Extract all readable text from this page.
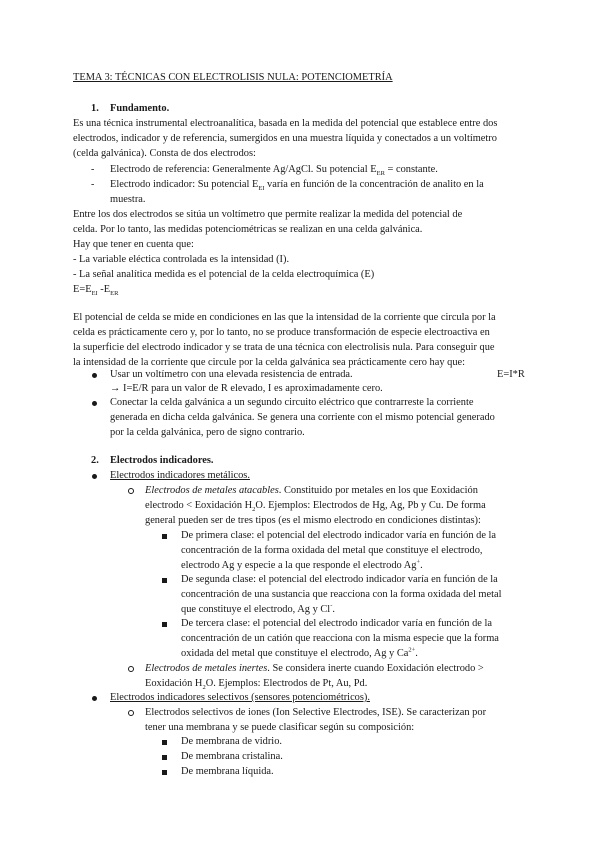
TEMA 3: TÉCNICAS CON ELECTROLISIS NULA: POTENCIOMETRÍA
1. Fundamento.
Es una técnica instrumental electroanalítica, basada en la medida del potencial que establece entre dos
electrodos, indicador y de referencia, sumergidos en una muestra líquida y conectados a un voltímetro
(celda galvánica). Consta de dos electrodos:
- Electrodo de referencia: Generalmente Ag/AgCl. Su potencial $E_{ER}$ = constante.
- Electrodo indicador: Su potencial $E_{EI}$ varía en función de la concentración de analito en la
muestra.
Entre los dos electrodos se sitúa un voltímetro que permite realizar la medida del potencial de
celda. Por lo tanto, las medidas potenciométricas se realizan en una celda galvánica.
Hay que tener en cuenta que:
- La variable eléctica controlada es la intensidad (I).
- La señal analítica medida es el potencial de la celda electroquímica (E)
$E=E_{EI}$ $-E_{ER}$
El potencial de celda se mide en condiciones en las que la intensidad de la corriente que circula por la
celda es prácticamente cero y, por lo tanto, no se produce transformación de especie electroactiva en
la superficie del electrodo indicador y se trata de una técnica con electrolisis nula. Para conseguir que
la intensidad de la corriente que circule por la celda galvánica sea prácticamente cero hay que:
Usar un voltímetro con una elevada resistencia de entrada.	E=I*R
→ I=E/R para un valor de R elevado, I es aproximadamente cero.
Conectar la celda galvánica a un segundo circuito eléctrico que contrarreste la corriente
generada en dicha celda galvánica. Se genera una corriente con el mismo potencial generado
por la celda galvánica, pero de signo contrario.
2. Electrodos indicadores.
Electrodos indicadores metálicos.
Electrodos de metales atacables. Constituido por metales en los que Eoxidación
electrodo < Eoxidación $H_2O$. Ejemplos: Electrodos de Hg, Ag, Pb y Cu. De forma
general pueden ser de tres tipos (es el mismo electrodo en condiciones distintas):
De primera clase: el potencial del electrodo indicador varía en función de la
concentración de la forma oxidada del metal que constituye el electrodo,
electrodo Ag y especie a la que responde el electrodo Ag+.
De segunda clase: el potencial del electrodo indicador varía en función de la
concentración de una sustancia que reacciona con la forma oxidada del metal
que constituye el electrodo, Ag y Cl-.
De tercera clase: el potencial del electrodo indicador varía en función de la
concentración de un catión que reacciona con la misma especie que la forma
oxidada del metal que constituye el electrodo, Ag y $Ca^{2+}$.
Electrodos de metales inertes. Se considera inerte cuando Eoxidación electrodo >
Eoxidación $H_2O$. Ejemplos: Electrodos de Pt, Au, Pd.
Electrodos indicadores selectivos (sensores potenciométricos).
Electrodos selectivos de iones (Ion Selective Electrodes, ISE). Se caracterizan por
tener una membrana y se puede clasificar según su composición:
De membrana de vidrio.
De membrana cristalina.
De membrana líquida.
